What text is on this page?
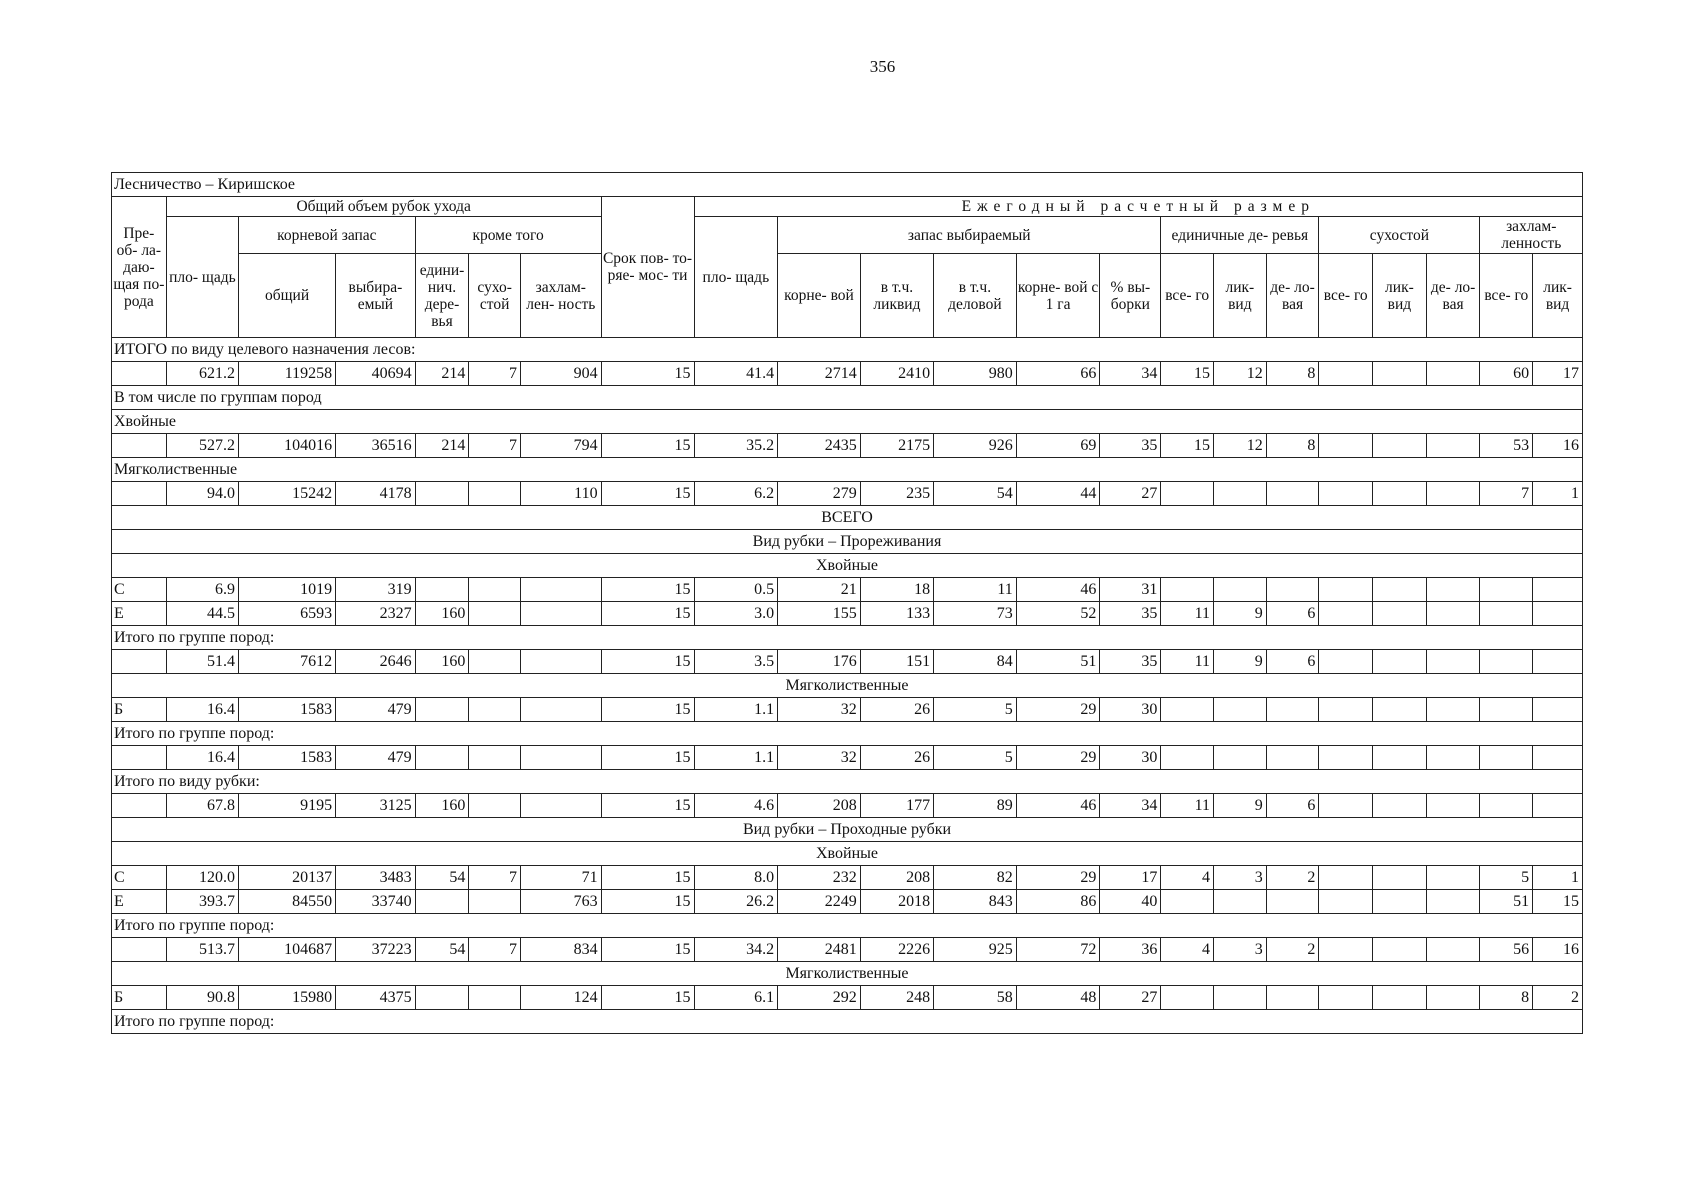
356
Лесничество – Киришское																					
Пре- об- ла- даю- щая по- рода	Общий объем рубок ухода						Срок пов- то- ряе- мос- ти	Ежегодный расчетный размер													
	пло- щадь	корневой запас		кроме того				пло- щадь	запас выбираемый					единичные де- ревья			сухостой			захлам- ленность	
		общий	выбира- емый	едини- нич. дере- вья	сухо- стой	захлам- лен- ность			корне- вой	в т.ч. ликвид	в т.ч. деловой	корне- вой с 1 га	% вы- борки	все- го	лик- вид	де- ло- вая	все- го	лик- вид	де- ло- вая	все- го	лик- вид
ИТОГО по виду целевого назначения лесов:																					
	621.2	119258	40694	214	7	904	15	41.4	2714	2410	980	66	34	15	12	8				60	17
В том числе по группам пород																					
Хвойные																					
	527.2	104016	36516	214	7	794	15	35.2	2435	2175	926	69	35	15	12	8				53	16
Мягколиственные																					
	94.0	15242	4178			110	15	6.2	279	235	54	44	27							7	1
ВСЕГО																					
Вид рубки – Прореживания																					
Хвойные																					
С	6.9	1019	319				15	0.5	21	18	11	46	31								
Е	44.5	6593	2327	160			15	3.0	155	133	73	52	35	11	9	6					
Итого по группе пород:																					
	51.4	7612	2646	160			15	3.5	176	151	84	51	35	11	9	6					
Мягколиственные																					
Б	16.4	1583	479				15	1.1	32	26	5	29	30								
Итого по группе пород:																					
	16.4	1583	479				15	1.1	32	26	5	29	30								
Итого по виду рубки:																					
	67.8	9195	3125	160			15	4.6	208	177	89	46	34	11	9	6					
Вид рубки – Проходные рубки																					
Хвойные																					
С	120.0	20137	3483	54	7	71	15	8.0	232	208	82	29	17	4	3	2				5	1
Е	393.7	84550	33740			763	15	26.2	2249	2018	843	86	40							51	15
Итого по группе пород:																					
	513.7	104687	37223	54	7	834	15	34.2	2481	2226	925	72	36	4	3	2				56	16
Мягколиственные																					
Б	90.8	15980	4375			124	15	6.1	292	248	58	48	27							8	2
Итого по группе пород:																					
